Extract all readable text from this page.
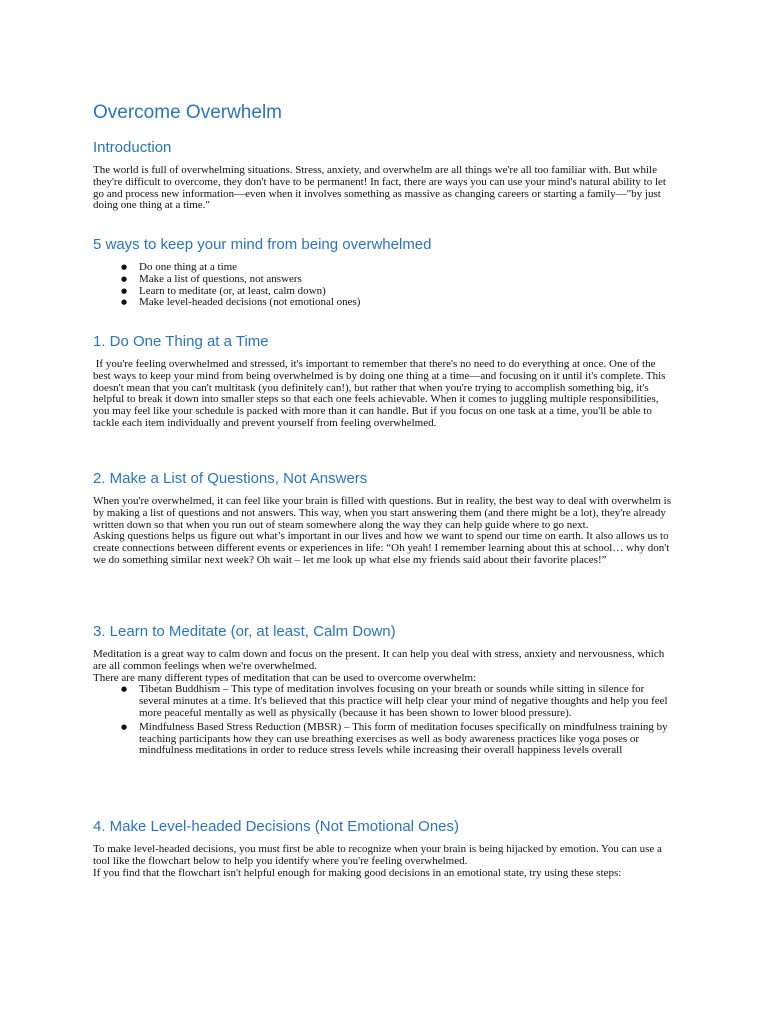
Overcome Overwhelm
Introduction

The world is full of overwhelming situations. Stress, anxiety, and overwhelm are all things we're all too familiar with. But while they're difficult to overcome, they don't have to be permanent! In fact, there are ways you can use your mind's natural ability to let go and process new information—even when it involves something as massive as changing careers or starting a family—"by just doing one thing at a time."

5 ways to keep your mind from being overwhelmed
● Do one thing at a time
● Make a list of questions, not answers
● Learn to meditate (or, at least, calm down)
● Make level-headed decisions (not emotional ones)
1. Do One Thing at a Time

If you're feeling overwhelmed and stressed, it's important to remember that there's no need to do everything at once. One of the best ways to keep your mind from being overwhelmed is by doing one thing at a time—and focusing on it until it's complete. This doesn't mean that you can't multitask (you definitely can!), but rather that when you're trying to accomplish something big, it's helpful to break it down into smaller steps so that each one feels achievable. When it comes to juggling multiple responsibilities, you may feel like your schedule is packed with more than it can handle. But if you focus on one task at a time, you'll be able to tackle each item individually and prevent yourself from feeling overwhelmed.

2. Make a List of Questions, Not Answers

When you're overwhelmed, it can feel like your brain is filled with questions. But in reality, the best way to deal with overwhelm is by making a list of questions and not answers. This way, when you start answering them (and there might be a lot), they're already written down so that when you run out of steam somewhere along the way they can help guide where to go next.

Asking questions helps us figure out what’s important in our lives and how we want to spend our time on earth. It also allows us to create connections between different events or experiences in life: “Oh yeah! I remember learning about this at school… why don't we do something similar next week? Oh wait – let me look up what else my friends said about their favorite places!”

3. Learn to Meditate (or, at least, Calm Down)

Meditation is a great way to calm down and focus on the present. It can help you deal with stress, anxiety and nervousness, which are all common feelings when we're overwhelmed.

There are many different types of meditation that can be used to overcome overwhelm:

● Tibetan Buddhism – This type of meditation involves focusing on your breath or sounds while sitting in silence for several minutes at a time. It's believed that this practice will help clear your mind of negative thoughts and help you feel more peaceful mentally as well as physically (because it has been shown to lower blood pressure).
● Mindfulness Based Stress Reduction (MBSR) – This form of meditation focuses specifically on mindfulness training by teaching participants how they can use breathing exercises as well as body awareness practices like yoga poses or mindfulness meditations in order to reduce stress levels while increasing their overall happiness levels overall
4. Make Level-headed Decisions (Not Emotional Ones)

To make level-headed decisions, you must first be able to recognize when your brain is being hijacked by emotion. You can use a tool like the flowchart below to help you identify where you're feeling overwhelmed.

If you find that the flowchart isn't helpful enough for making good decisions in an emotional state, try using these steps:
